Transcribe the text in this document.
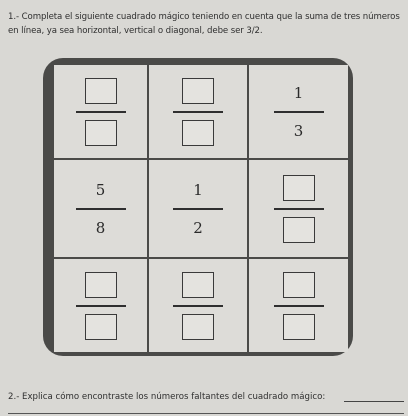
1.- Completa el siguiente cuadrado mágico teniendo en cuenta que la suma de tres números
en línea, ya sea horizontal, vertical o diagonal, debe ser 3/2.
$\frac{1}{3}$
$\frac{5}{8}$	$\frac{1}{2}$
2.- Explica cómo encontraste los números faltantes del cuadrado mágico:
